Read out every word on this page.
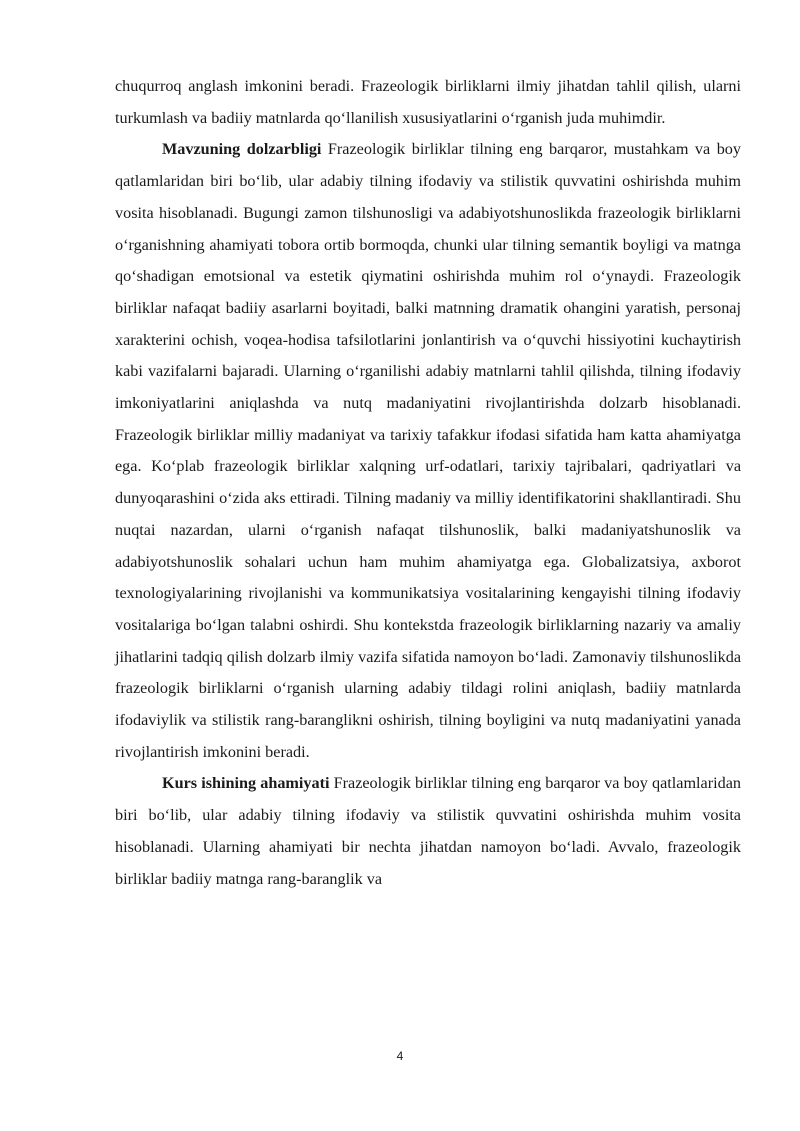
chuqurroq anglash imkonini beradi. Frazeologik birliklarni ilmiy jihatdan tahlil qilish, ularni turkumlash va badiiy matnlarda qo‘llanilish xususiyatlarini o‘rganish juda muhimdir.

Mavzuning dolzarbligi Frazeologik birliklar tilning eng barqaror, mustahkam va boy qatlamlaridan biri bo‘lib, ular adabiy tilning ifodaviy va stilistik quvvatini oshirishda muhim vosita hisoblanadi. Bugungi zamon tilshunosligi va adabiyotshunoslikda frazeologik birliklarni o‘rganishning ahamiyati tobora ortib bormoqda, chunki ular tilning semantik boyligi va matnga qo‘shadigan emotsional va estetik qiymatini oshirishda muhim rol o‘ynaydi. Frazeologik birliklar nafaqat badiiy asarlarni boyitadi, balki matnning dramatik ohangini yaratish, personaj xarakterini ochish, voqea-hodisa tafsilotlarini jonlantirish va o‘quvchi hissiyotini kuchaytirish kabi vazifalarni bajaradi. Ularning o‘rganilishi adabiy matnlarni tahlil qilishda, tilning ifodaviy imkoniyatlarini aniqlashda va nutq madaniyatini rivojlantirishda dolzarb hisoblanadi. Frazeologik birliklar milliy madaniyat va tarixiy tafakkur ifodasi sifatida ham katta ahamiyatga ega. Ko‘plab frazeologik birliklar xalqning urf-odatlari, tarixiy tajribalari, qadriyatlari va dunyoqarashini o‘zida aks ettiradi. Tilning madaniy va milliy identifikatorini shakllantiradi. Shu nuqtai nazardan, ularni o‘rganish nafaqat tilshunoslik, balki madaniyatshunoslik va adabiyotshunoslik sohalari uchun ham muhim ahamiyatga ega. Globalizatsiya, axborot texnologiyalarining rivojlanishi va kommunikatsiya vositalarining kengayishi tilning ifodaviy vositalariga bo‘lgan talabni oshirdi. Shu kontekstda frazeologik birliklarning nazariy va amaliy jihatlarini tadqiq qilish dolzarb ilmiy vazifa sifatida namoyon bo‘ladi. Zamonaviy tilshunoslikda frazeologik birliklarni o‘rganish ularning adabiy tildagi rolini aniqlash, badiiy matnlarda ifodaviylik va stilistik rang-baranglikni oshirish, tilning boyligini va nutq madaniyatini yanada rivojlantirish imkonini beradi.

Kurs ishining ahamiyati Frazeologik birliklar tilning eng barqaror va boy qatlamlaridan biri bo‘lib, ular adabiy tilning ifodaviy va stilistik quvvatini oshirishda muhim vosita hisoblanadi. Ularning ahamiyati bir nechta jihatdan namoyon bo‘ladi. Avvalo, frazeologik birliklar badiiy matnga rang-baranglik va

4
